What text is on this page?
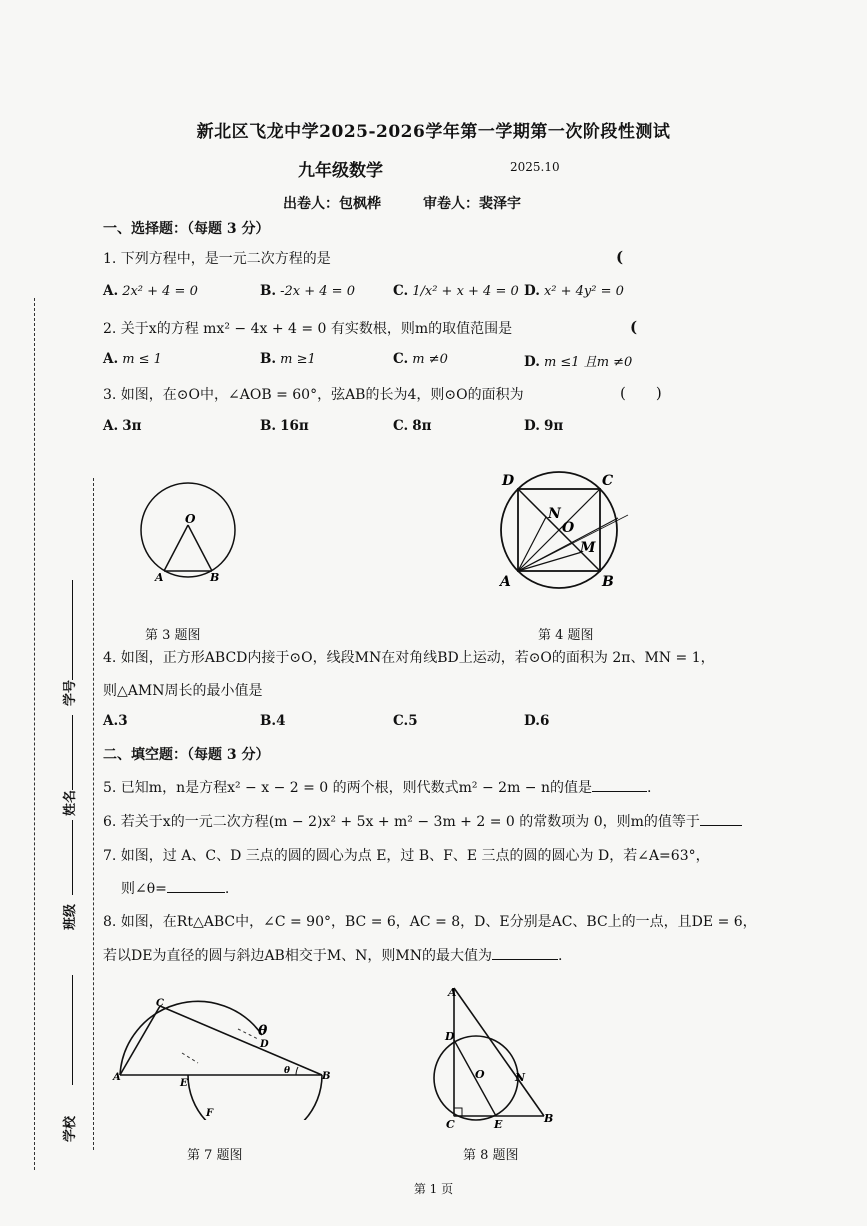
新北区飞龙中学2025-2026学年第一学期第一次阶段性测试
九年级数学	2025.10
出卷人：包枫桦　　　审卷人：裴泽宇
一、选择题：（每题 3 分）
1. 下列方程中，是一元二次方程的是	(
A. 2x² + 4 = 0	B. -2x + 4 = 0	C. 1/x² + x + 4 = 0 D. x² + 4y² = 0
2. 关于x的方程 mx² − 4x + 4 = 0 有实数根，则m的取值范围是	(
A. m ≤ 1	B. m ≥1	C. m ≠0	D. m ≤1 且m ≠0
3. 如图，在⊙O中，∠AOB = 60°，弦AB的长为4，则⊙O的面积为	(　　)
A. 3π	B. 16π	C. 8π	D. 9π
O
A	B
第 3 题图
D	C
N
O
M
A	B
第 4 题图
4. 如图，正方形ABCD内接于⊙O，线段MN在对角线BD上运动，若⊙O的面积为 2π、MN = 1，
则△AMN周长的最小值是
A.3	B.4	C.5	D.6
二、填空题：（每题 3 分）
5. 已知m，n是方程x² − x − 2 = 0 的两个根，则代数式m² − 2m − n的值是	.
6. 若关于x的一元二次方程(m − 2)x² + 5x + m² − 3m + 2 = 0 的常数项为 0，则m的值等于
7. 如图，过 A、C、D 三点的圆的圆心为点 E，过 B、F、E 三点的圆的圆心为 D，若∠A=63°，
则∠θ=	.
8. 如图，在Rt△ABC中，∠C = 90°，BC = 6，AC = 8，D、E分别是AC、BC上的一点，且DE = 6，
若以DE为直径的圆与斜边AB相交于M、N，则MN的最大值为	.
C
D
A
E
B
F
θ
θ
第 7 题图
A
D
O	N
C	E	B
第 8 题图
学号
姓名
班级
学校
第 1 页
